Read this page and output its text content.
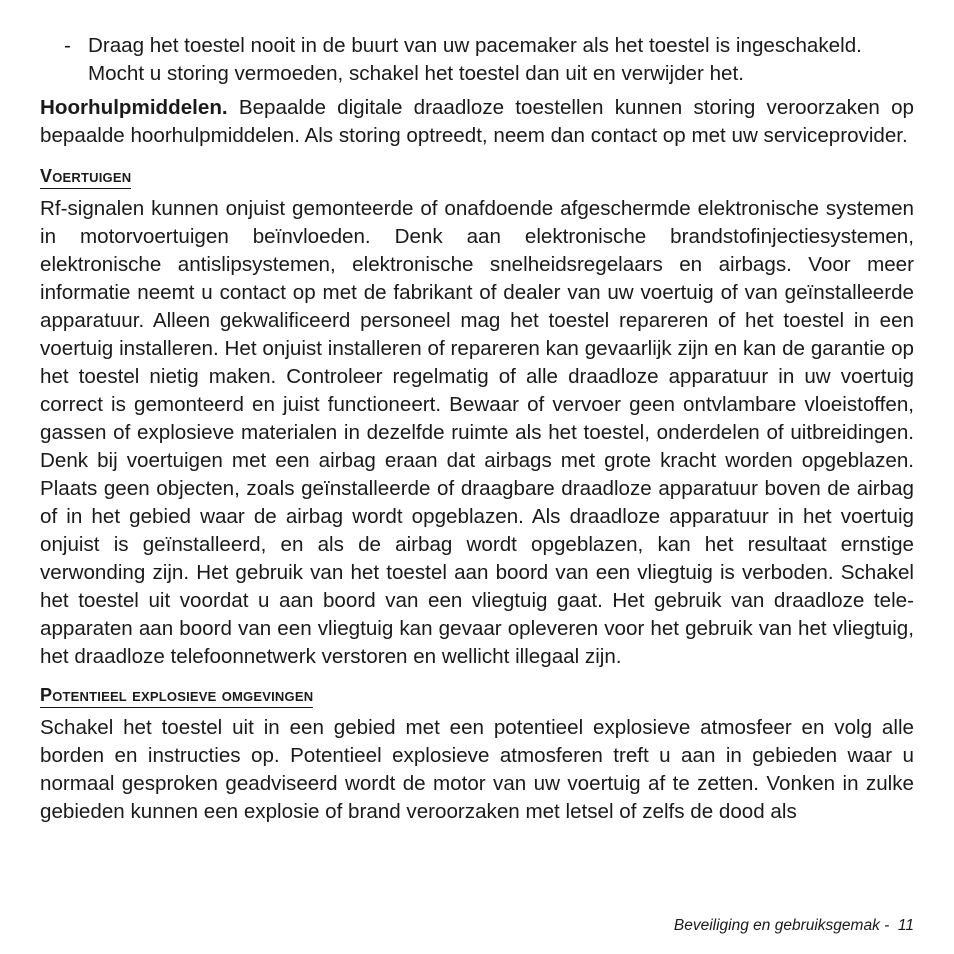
- Draag het toestel nooit in de buurt van uw pacemaker als het toestel is ingeschakeld. Mocht u storing vermoeden, schakel het toestel dan uit en verwijder het.

Hoorhulpmiddelen. Bepaalde digitale draadloze toestellen kunnen storing veroorzaken op bepaalde hoorhulpmiddelen. Als storing optreedt, neem dan contact op met uw serviceprovider.

Voertuigen

Rf-signalen kunnen onjuist gemonteerde of onafdoende afgeschermde elektronische systemen in motorvoertuigen beïnvloeden. Denk aan elektronische brandstofinjectiesystemen, elektronische antislipsystemen, elektronische snelheidsregelaars en airbags. Voor meer informatie neemt u contact op met de fabrikant of dealer van uw voertuig of van geïnstalleerde apparatuur. Alleen gekwalificeerd personeel mag het toestel repareren of het toestel in een voertuig installeren. Het onjuist installeren of repareren kan gevaarlijk zijn en kan de garantie op het toestel nietig maken. Controleer regelmatig of alle draadloze apparatuur in uw voertuig correct is gemonteerd en juist functioneert. Bewaar of vervoer geen ontvlambare vloeistoffen, gassen of explosieve materialen in dezelfde ruimte als het toestel, onderdelen of uitbreidingen. Denk bij voertuigen met een airbag eraan dat airbags met grote kracht worden opgeblazen. Plaats geen objecten, zoals geïnstalleerde of draagbare draadloze apparatuur boven de airbag of in het gebied waar de airbag wordt opgeblazen. Als draadloze apparatuur in het voertuig onjuist is geïnstalleerd, en als de airbag wordt opgeblazen, kan het resultaat ernstige verwonding zijn. Het gebruik van het toestel aan boord van een vliegtuig is verboden. Schakel het toestel uit voordat u aan boord van een vliegtuig gaat. Het gebruik van draadloze tele-apparaten aan boord van een vliegtuig kan gevaar opleveren voor het gebruik van het vliegtuig, het draadloze telefoonnetwerk verstoren en wellicht illegaal zijn.

Potentieel explosieve omgevingen

Schakel het toestel uit in een gebied met een potentieel explosieve atmosfeer en volg alle borden en instructies op. Potentieel explosieve atmosferen treft u aan in gebieden waar u normaal gesproken geadviseerd wordt de motor van uw voertuig af te zetten. Vonken in zulke gebieden kunnen een explosie of brand veroorzaken met letsel of zelfs de dood als

Beveiliging en gebruiksgemak -  11
